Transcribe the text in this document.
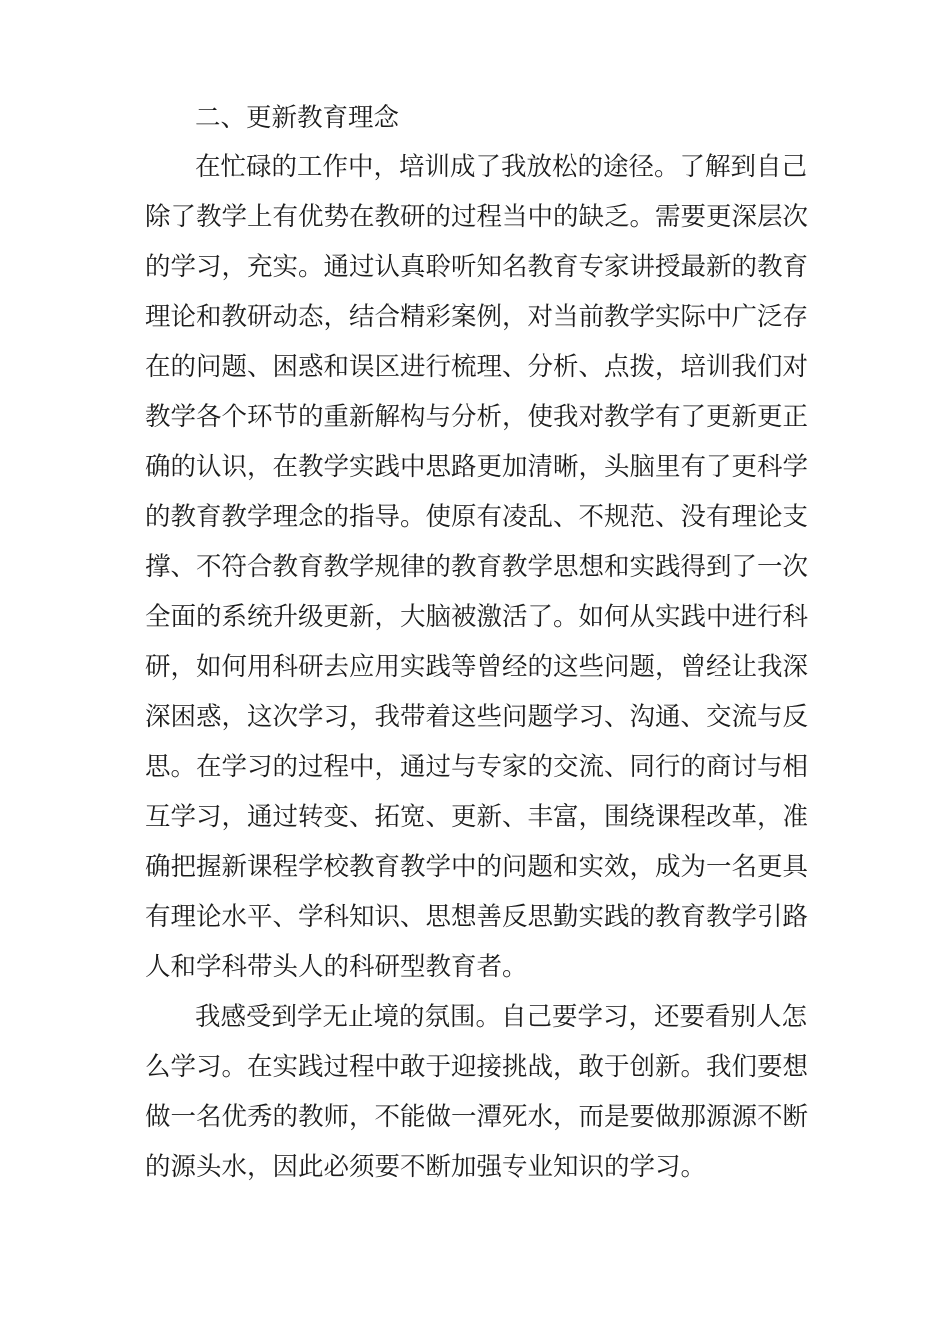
二、更新教育理念
在忙碌的工作中，培训成了我放松的途径。了解到自己
除了教学上有优势在教研的过程当中的缺乏。需要更深层次
的学习，充实。通过认真聆听知名教育专家讲授最新的教育
理论和教研动态，结合精彩案例，对当前教学实际中广泛存
在的问题、困惑和误区进行梳理、分析、点拨，培训我们对
教学各个环节的重新解构与分析，使我对教学有了更新更正
确的认识，在教学实践中思路更加清晰，头脑里有了更科学
的教育教学理念的指导。使原有凌乱、不规范、没有理论支
撑、不符合教育教学规律的教育教学思想和实践得到了一次
全面的系统升级更新，大脑被激活了。如何从实践中进行科
研，如何用科研去应用实践等曾经的这些问题，曾经让我深
深困惑，这次学习，我带着这些问题学习、沟通、交流与反
思。在学习的过程中，通过与专家的交流、同行的商讨与相
互学习，通过转变、拓宽、更新、丰富，围绕课程改革，准
确把握新课程学校教育教学中的问题和实效，成为一名更具
有理论水平、学科知识、思想善反思勤实践的教育教学引路
人和学科带头人的科研型教育者。
我感受到学无止境的氛围。自己要学习，还要看别人怎
么学习。在实践过程中敢于迎接挑战，敢于创新。我们要想
做一名优秀的教师，不能做一潭死水，而是要做那源源不断
的源头水，因此必须要不断加强专业知识的学习。
